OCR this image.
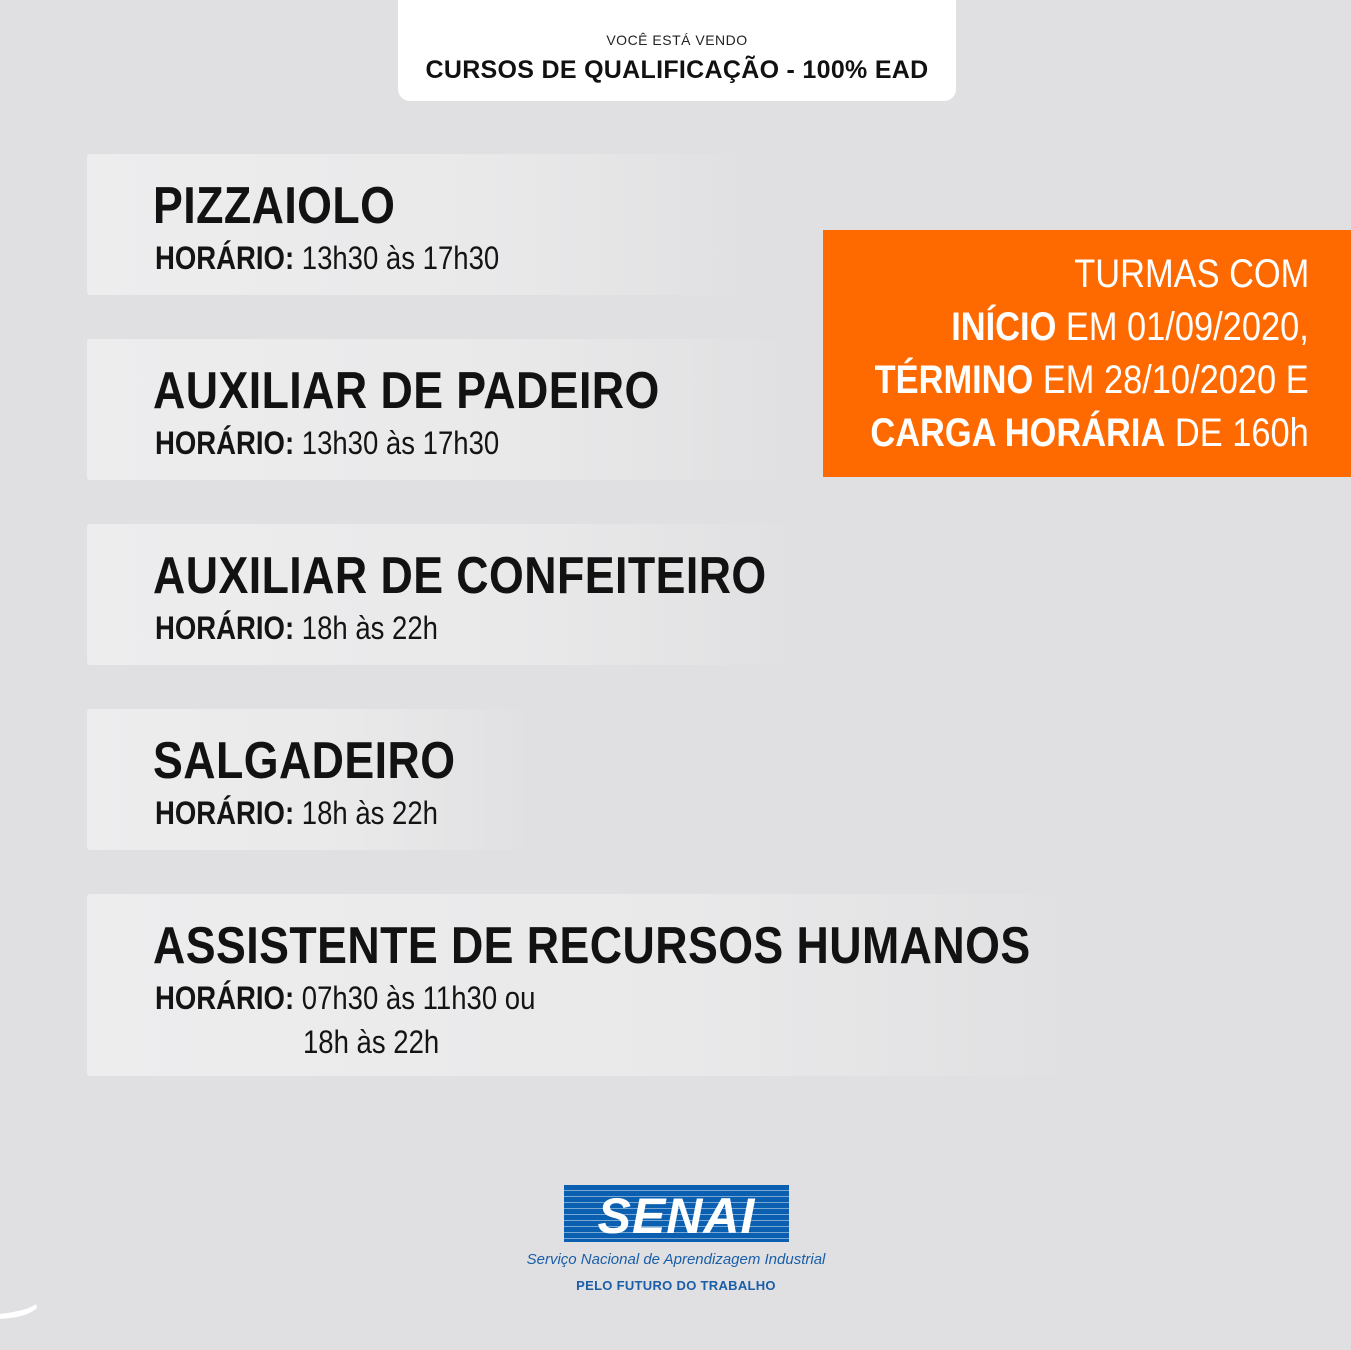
VOCÊ ESTÁ VENDO
CURSOS DE QUALIFICAÇÃO - 100% EAD
PIZZAIOLO
HORÁRIO: 13h30 às 17h30
AUXILIAR DE PADEIRO
HORÁRIO: 13h30 às 17h30
AUXILIAR DE CONFEITEIRO
HORÁRIO: 18h às 22h
SALGADEIRO
HORÁRIO: 18h às 22h
ASSISTENTE DE RECURSOS HUMANOS
HORÁRIO: 07h30 às 11h30 ou
18h às 22h
TURMAS COM
INÍCIO EM 01/09/2020,
TÉRMINO EM 28/10/2020 E
CARGA HORÁRIA DE 160h
SENAI
Serviço Nacional de Aprendizagem Industrial
PELO FUTURO DO TRABALHO
